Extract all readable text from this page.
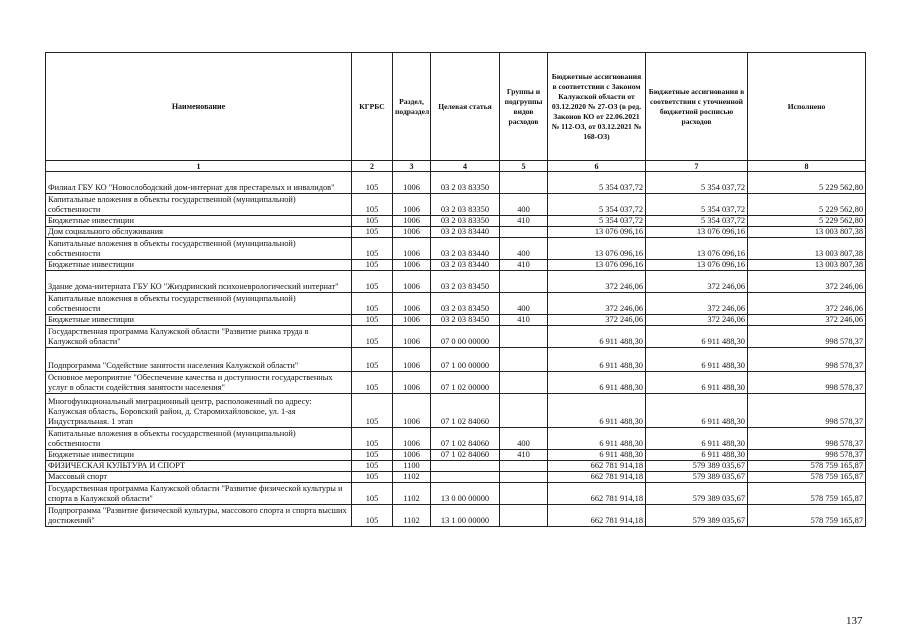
Наименование	КГРБС	Раздел, подраздел	Целевая статья	Группы и подгруппы видов расходов	Бюджетные ассигнования в соответствии с Законом Калужской области от 03.12.2020 № 27-ОЗ (в ред. Законов КО от 22.06.2021 № 112-ОЗ, от 03.12.2021 № 168-ОЗ)	Бюджетные ассигнования в соответствии с уточненной бюджетной росписью расходов	Исполнено
1	2	3	4	5	6	7	8
Филиал ГБУ КО "Новослободский дом-интернат для престарелых и инвалидов"	105	1006	03 2 03 83350		5 354 037,72	5 354 037,72	5 229 562,80
Капитальные вложения в объекты государственной (муниципальной) собственности	105	1006	03 2 03 83350	400	5 354 037,72	5 354 037,72	5 229 562,80
Бюджетные инвестиции	105	1006	03 2 03 83350	410	5 354 037,72	5 354 037,72	5 229 562,80
Дом социального обслуживания	105	1006	03 2 03 83440		13 076 096,16	13 076 096,16	13 003 807,38
Капитальные вложения в объекты государственной (муниципальной) собственности	105	1006	03 2 03 83440	400	13 076 096,16	13 076 096,16	13 003 807,38
Бюджетные инвестиции	105	1006	03 2 03 83440	410	13 076 096,16	13 076 096,16	13 003 807,38
Здание дома-интерната ГБУ КО "Жиздринский психоневрологический интернат"	105	1006	03 2 03 83450		372 246,06	372 246,06	372 246,06
Капитальные вложения в объекты государственной (муниципальной) собственности	105	1006	03 2 03 83450	400	372 246,06	372 246,06	372 246,06
Бюджетные инвестиции	105	1006	03 2 03 83450	410	372 246,06	372 246,06	372 246,06
Государственная программа Калужской области "Развитие рынка труда в Калужской области"	105	1006	07 0 00 00000		6 911 488,30	6 911 488,30	998 578,37
Подпрограмма "Содействие занятости населения Калужской области"	105	1006	07 1 00 00000		6 911 488,30	6 911 488,30	998 578,37
Основное мероприятие "Обеспечение качества и доступности государственных услуг в области содействия занятости населения"	105	1006	07 1 02 00000		6 911 488,30	6 911 488,30	998 578,37
Многофункциональный миграционный центр, расположенный по адресу: Калужская область, Боровский район, д. Старомихайловское, ул. 1-ая Индустриальная. 1 этап	105	1006	07 1 02 84060		6 911 488,30	6 911 488,30	998 578,37
Капитальные вложения в объекты государственной (муниципальной) собственности	105	1006	07 1 02 84060	400	6 911 488,30	6 911 488,30	998 578,37
Бюджетные инвестиции	105	1006	07 1 02 84060	410	6 911 488,30	6 911 488,30	998 578,37
ФИЗИЧЕСКАЯ КУЛЬТУРА И СПОРТ	105	1100			662 781 914,18	579 389 035,67	578 759 165,87
Массовый спорт	105	1102			662 781 914,18	579 389 035,67	578 759 165,87
Государственная программа Калужской области "Развитие физической культуры и спорта в Калужской области"	105	1102	13 0 00 00000		662 781 914,18	579 389 035,67	578 759 165,87
Подпрограмма "Развитие физической культуры, массового спорта и спорта высших достижений"	105	1102	13 1 00 00000		662 781 914,18	579 389 035,67	578 759 165,87
137
